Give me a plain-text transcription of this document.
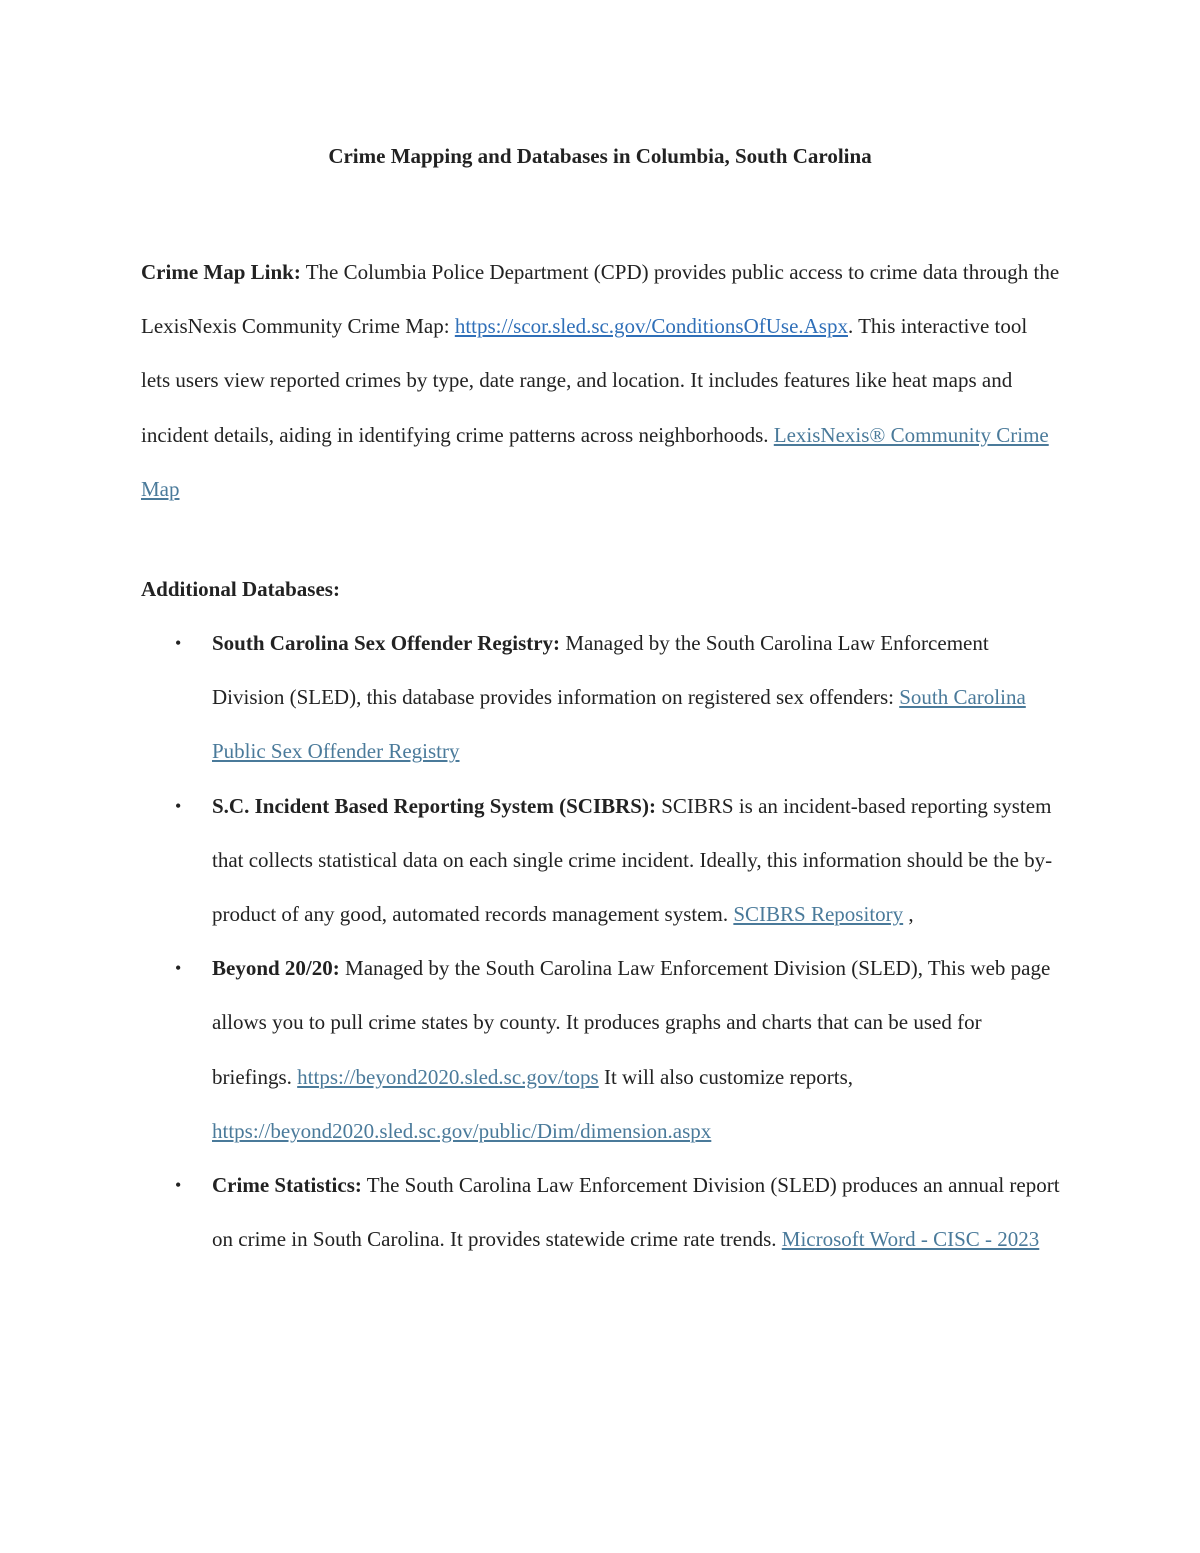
Crime Mapping and Databases in Columbia, South Carolina

Crime Map Link: The Columbia Police Department (CPD) provides public access to crime data through the LexisNexis Community Crime Map: https://scor.sled.sc.gov/ConditionsOfUse.Aspx. This interactive tool lets users view reported crimes by type, date range, and location. It includes features like heat maps and incident details, aiding in identifying crime patterns across neighborhoods. LexisNexis® Community Crime Map

Additional Databases:
• South Carolina Sex Offender Registry: Managed by the South Carolina Law Enforcement Division (SLED), this database provides information on registered sex offenders: South Carolina Public Sex Offender Registry
• S.C. Incident Based Reporting System (SCIBRS): SCIBRS is an incident-based reporting system that collects statistical data on each single crime incident. Ideally, this information should be the by-product of any good, automated records management system. SCIBRS Repository ,
• Beyond 20/20: Managed by the South Carolina Law Enforcement Division (SLED), This web page allows you to pull crime states by county. It produces graphs and charts that can be used for briefings. https://beyond2020.sled.sc.gov/tops It will also customize reports, https://beyond2020.sled.sc.gov/public/Dim/dimension.aspx
• Crime Statistics: The South Carolina Law Enforcement Division (SLED) produces an annual report on crime in South Carolina. It provides statewide crime rate trends. Microsoft Word - CISC - 2023
